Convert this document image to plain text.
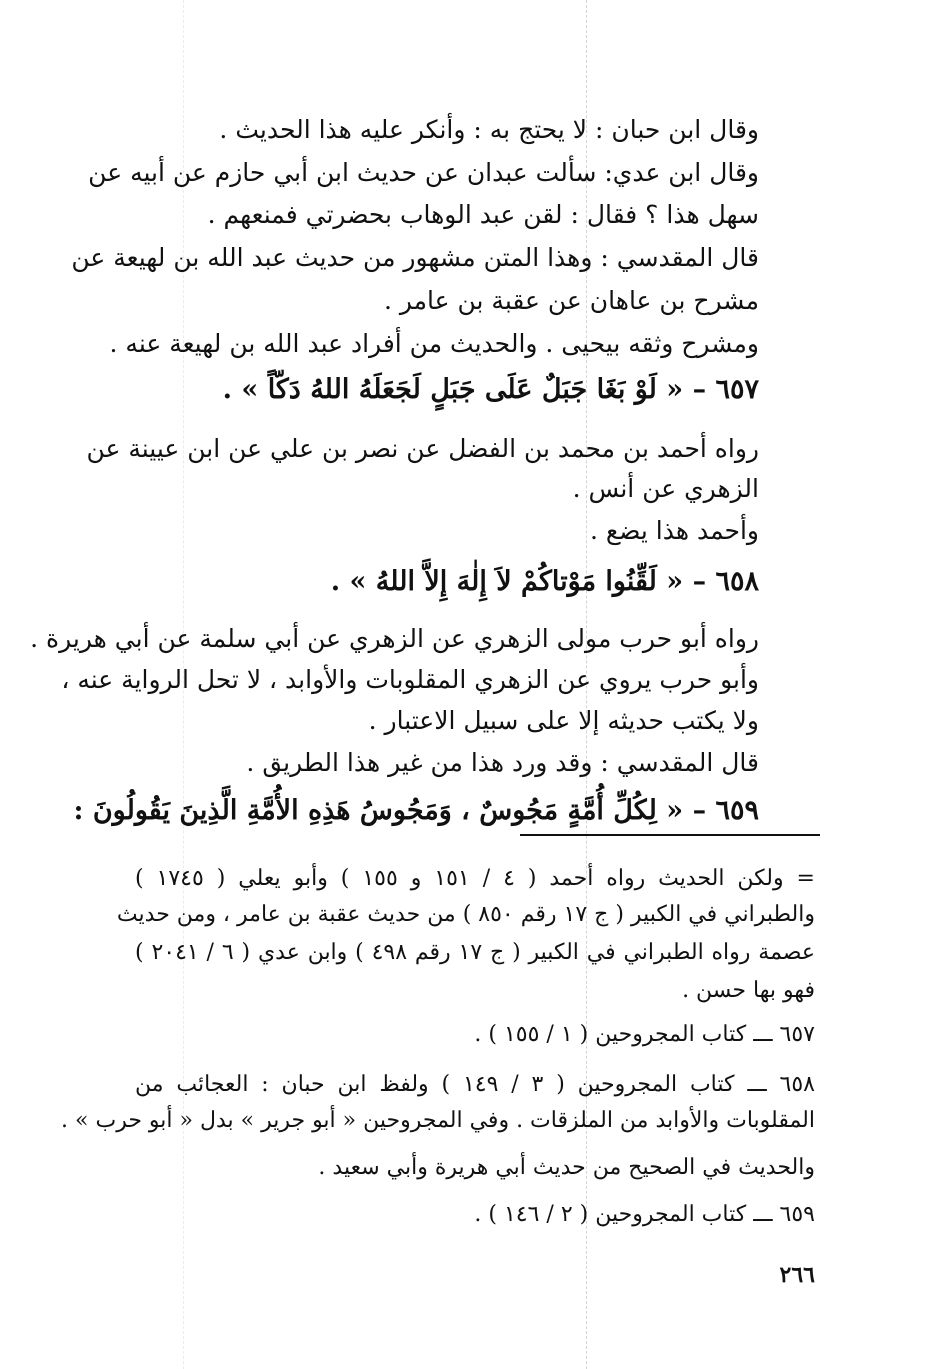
وقال ابن حبان : لا يحتج به : وأنكر عليه هذا الحديث .
وقال ابن عدي: سألت عبدان عن حديث ابن أبي حازم عن أبيه عن
سهل هذا ؟ فقال : لقن عبد الوهاب بحضرتي فمنعهم .
قال المقدسي : وهذا المتن مشهور من حديث عبد الله بن لهيعة عن
مشرح بن عاهان عن عقبة بن عامر .
ومشرح وثقه بيحيى . والحديث من أفراد عبد الله بن لهيعة عنه .
٦٥٧ – « لَوْ بَغَا جَبَلٌ عَلَى جَبَلٍ لَجَعَلَهُ اللهُ دَكّاً » .
رواه أحمد بن محمد بن الفضل عن نصر بن علي عن ابن عيينة عن
الزهري عن أنس .
وأحمد هذا يضع .
٦٥٨ – « لَقِّنُوا مَوْتاكُمْ لاَ إِلٰهَ إِلاَّ اللهُ » .
رواه أبو حرب مولى الزهري عن الزهري عن أبي سلمة عن أبي هريرة .
وأبو حرب يروي عن الزهري المقلوبات والأوابد ، لا تحل الرواية عنه ،
ولا يكتب حديثه إلا على سبيل الاعتبار .
قال المقدسي : وقد ورد هذا من غير هذا الطريق .
٦٥٩ – « لِكُلِّ أُمَّةٍ مَجُوسٌ ، وَمَجُوسُ هَذِهِ الأُمَّةِ الَّذِينَ يَقُولُونَ :
= ولكن الحديث رواه أحمد ( ٤ / ١٥١ و ١٥٥ ) وأبو يعلي ( ١٧٤٥ )
والطبراني في الكبير ( ج ١٧ رقم ٨٥٠ ) من حديث عقبة بن عامر ، ومن حديث
عصمة رواه الطبراني في الكبير ( ج ١٧ رقم ٤٩٨ ) وابن عدي ( ٦ / ٢٠٤١ )
فهو بها حسن .
٦٥٧ ـــ كتاب المجروحين ( ١ / ١٥٥ ) .
٦٥٨ ـــ كتاب المجروحين ( ٣ / ١٤٩ ) ولفظ ابن حبان : العجائب من
المقلوبات والأوابد من الملزقات . وفي المجروحين « أبو جرير » بدل « أبو حرب » .
والحديث في الصحيح من حديث أبي هريرة وأبي سعيد .
٦٥٩ ـــ كتاب المجروحين ( ٢ / ١٤٦ ) .
٢٦٦
